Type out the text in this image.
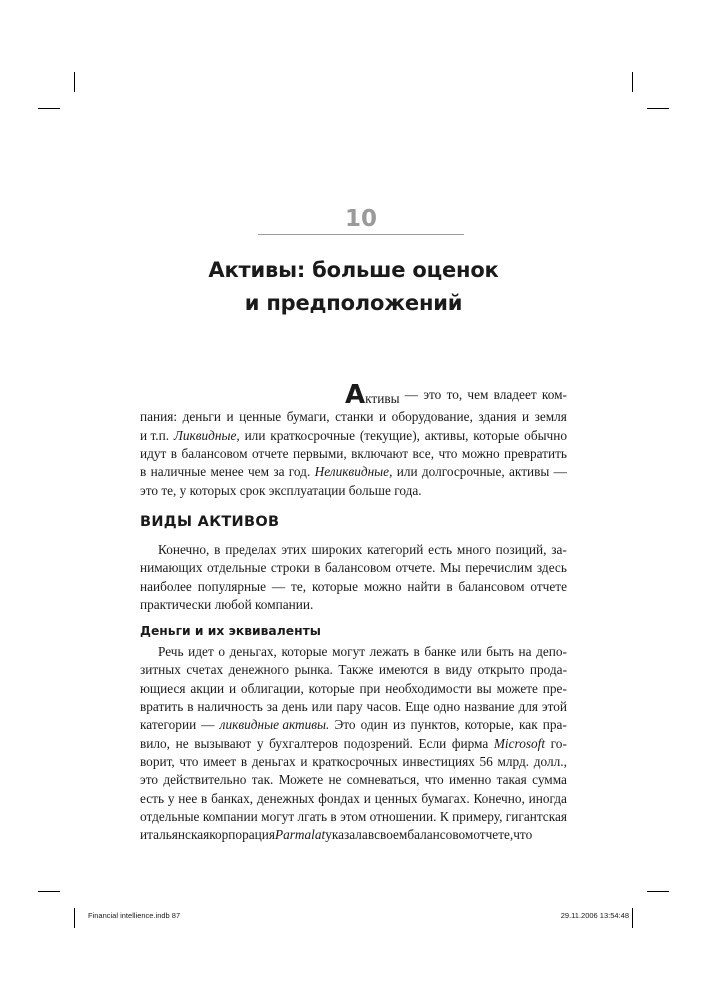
10
Активы: больше оценок
и предположений
Активы — это то, чем владеет ком-
пания: деньги и ценные бумаги, станки и оборудование, здания и земля
и т.п. Ликвидные, или краткосрочные (текущие), активы, которые обычно
идут в балансовом отчете первыми, включают все, что можно превратить
в наличные менее чем за год. Неликвидные, или долгосрочные, активы —
это те, у которых срок эксплуатации больше года.
ВИДЫ АКТИВОВ
Конечно, в пределах этих широких категорий есть много позиций, за-
нимающих отдельные строки в балансовом отчете. Мы перечислим здесь
наиболее популярные — те, которые можно найти в балансовом отчете
практически любой компании.
Деньги и их эквиваленты
Речь идет о деньгах, которые могут лежать в банке или быть на депо-
зитных счетах денежного рынка. Также имеются в виду открыто прода-
ющиеся акции и облигации, которые при необходимости вы можете пре-
вратить в наличность за день или пару часов. Еще одно название для этой
категории — ликвидные активы. Это один из пунктов, которые, как пра-
вило, не вызывают у бухгалтеров подозрений. Если фирма Microsoft го-
ворит, что имеет в деньгах и краткосрочных инвестициях 56 млрд. долл.,
это действительно так. Можете не сомневаться, что именно такая сумма
есть у нее в банках, денежных фондах и ценных бумагах. Конечно, иногда
отдельные компании могут лгать в этом отношении. К примеру, гигантская
итальянская корпорация Parmalat указала в своем балансовом отчете, что
Financial intellience.indb 87	29.11.2006 13:54:48
